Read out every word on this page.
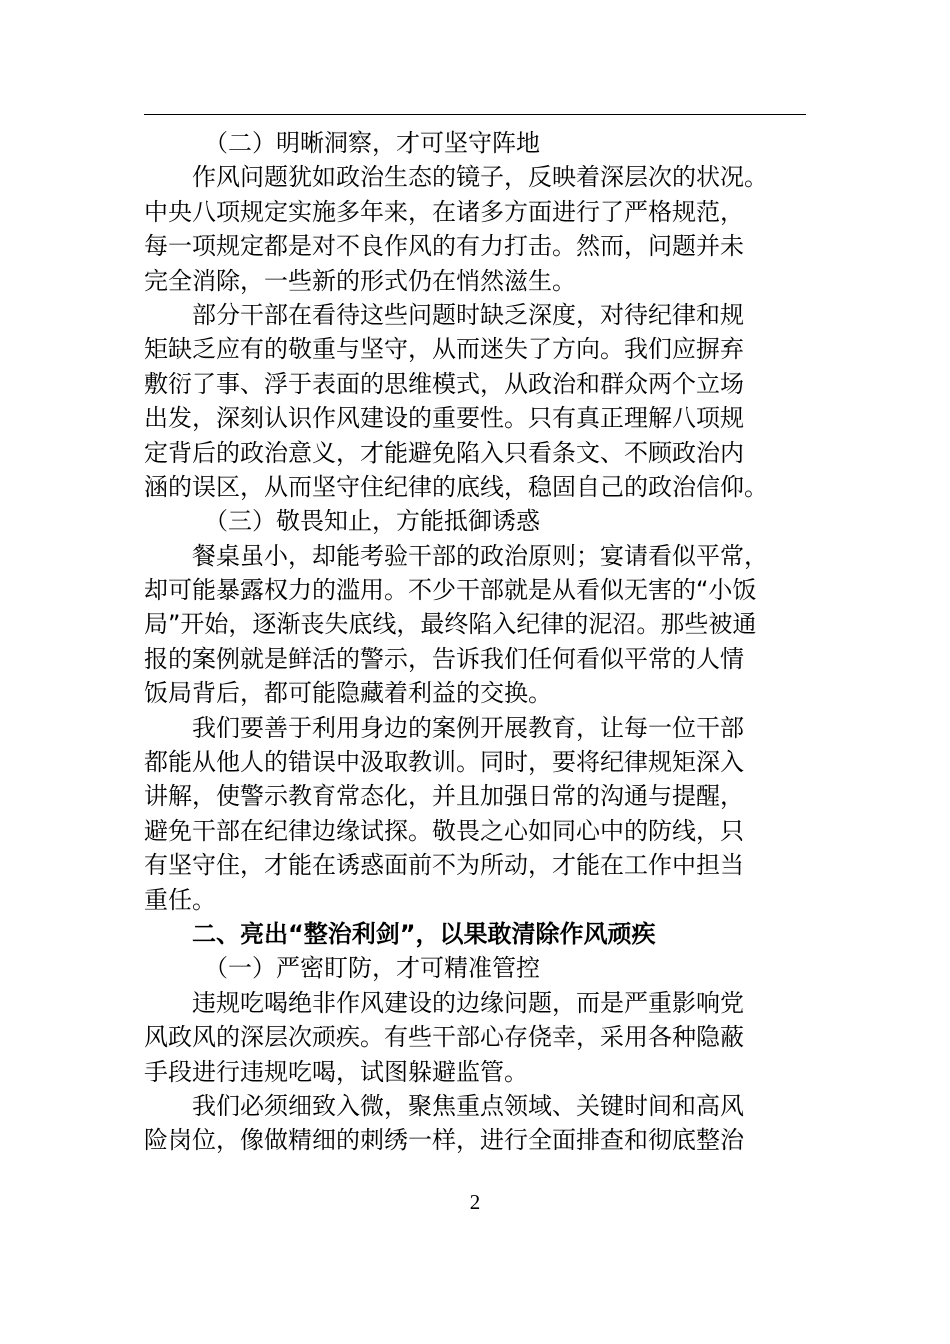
（二）明晰洞察，才可坚守阵地
作风问题犹如政治生态的镜子，反映着深层次的状况。
中央八项规定实施多年来，在诸多方面进行了严格规范，
每一项规定都是对不良作风的有力打击。然而，问题并未
完全消除，一些新的形式仍在悄然滋生。
部分干部在看待这些问题时缺乏深度，对待纪律和规
矩缺乏应有的敬重与坚守，从而迷失了方向。我们应摒弃
敷衍了事、浮于表面的思维模式，从政治和群众两个立场
出发，深刻认识作风建设的重要性。只有真正理解八项规
定背后的政治意义，才能避免陷入只看条文、不顾政治内
涵的误区，从而坚守住纪律的底线，稳固自己的政治信仰。
（三）敬畏知止，方能抵御诱惑
餐桌虽小，却能考验干部的政治原则；宴请看似平常，
却可能暴露权力的滥用。不少干部就是从看似无害的“小饭
局”开始，逐渐丧失底线，最终陷入纪律的泥沼。那些被通
报的案例就是鲜活的警示，告诉我们任何看似平常的人情
饭局背后，都可能隐藏着利益的交换。
我们要善于利用身边的案例开展教育，让每一位干部
都能从他人的错误中汲取教训。同时，要将纪律规矩深入
讲解，使警示教育常态化，并且加强日常的沟通与提醒，
避免干部在纪律边缘试探。敬畏之心如同心中的防线，只
有坚守住，才能在诱惑面前不为所动，才能在工作中担当
重任。
二、亮出“整治利剑”，以果敢清除作风顽疾
（一）严密盯防，才可精准管控
违规吃喝绝非作风建设的边缘问题，而是严重影响党
风政风的深层次顽疾。有些干部心存侥幸，采用各种隐蔽
手段进行违规吃喝，试图躲避监管。
我们必须细致入微，聚焦重点领域、关键时间和高风
险岗位，像做精细的刺绣一样，进行全面排查和彻底整治
2
